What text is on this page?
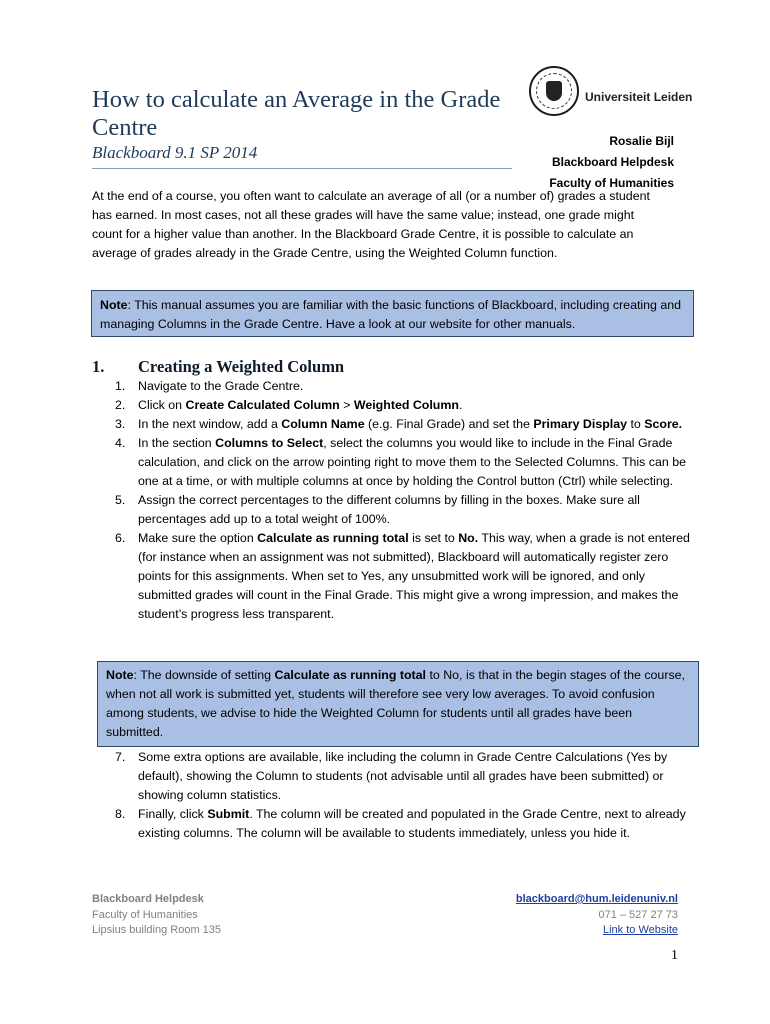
How to calculate an Average in the Grade Centre

Blackboard 9.1 SP 2014

Universiteit Leiden
Rosalie Bijl
Blackboard Helpdesk
Faculty of Humanities

At the end of a course, you often want to calculate an average of all (or a number of) grades a student has earned. In most cases, not all these grades will have the same value; instead, one grade might count for a higher value than another. In the Blackboard Grade Centre, it is possible to calculate an average of grades already in the Grade Centre, using the Weighted Column function.

Note: This manual assumes you are familiar with the basic functions of Blackboard, including creating and managing Columns in the Grade Centre. Have a look at our website for other manuals.
1. Creating a Weighted Column
1. Navigate to the Grade Centre.
2. Click on Create Calculated Column > Weighted Column.
3. In the next window, add a Column Name (e.g. Final Grade) and set the Primary Display to Score.
4. In the section Columns to Select, select the columns you would like to include in the Final Grade calculation, and click on the arrow pointing right to move them to the Selected Columns. This can be one at a time, or with multiple columns at once by holding the Control button (Ctrl) while selecting.
5. Assign the correct percentages to the different columns by filling in the boxes. Make sure all percentages add up to a total weight of 100%.
6. Make sure the option Calculate as running total is set to No. This way, when a grade is not entered (for instance when an assignment was not submitted), Blackboard will automatically register zero points for this assignments. When set to Yes, any unsubmitted work will be ignored, and only submitted grades will count in the Final Grade. This might give a wrong impression, and makes the student’s progress less transparent.
Note: The downside of setting Calculate as running total to No, is that in the begin stages of the course, when not all work is submitted yet, students will therefore see very low averages. To avoid confusion among students, we advise to hide the Weighted Column for students until all grades have been submitted.
7. Some extra options are available, like including the column in Grade Centre Calculations (Yes by default), showing the Column to students (not advisable until all grades have been submitted) or showing column statistics.
8. Finally, click Submit. The column will be created and populated in the Grade Centre, next to already existing columns. The column will be available to students immediately, unless you hide it.
Blackboard Helpdesk
Faculty of Humanities
Lipsius building Room 135
blackboard@hum.leidenuniv.nl
071 – 527 27 73
Link to Website
1
